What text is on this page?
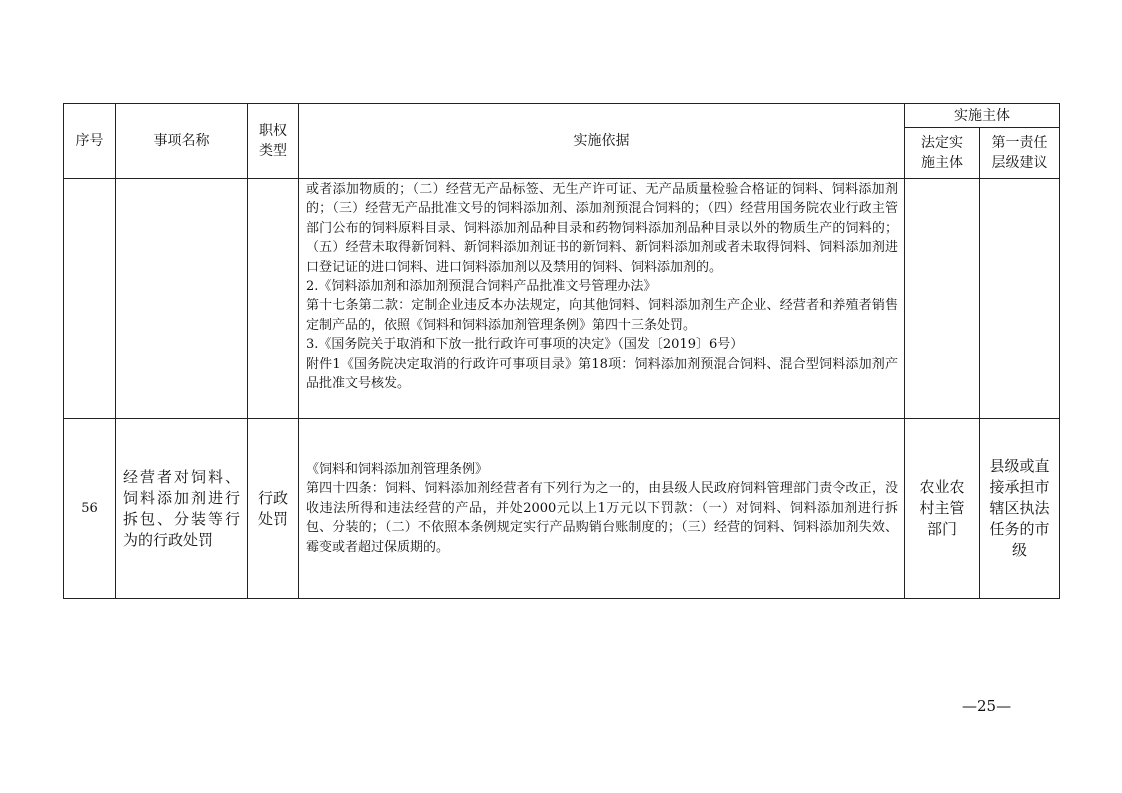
序号	事项名称	职权类型	实施依据	实施主体	
				法定实施主体	第一责任层级建议

			或者添加物质的；（二）经营无产品标签、无生产许可证、无产品质量检验合格证的饲料、饲料添加剂的；（三）经营无产品批准文号的饲料添加剂、添加剂预混合饲料的；（四）经营用国务院农业行政主管部门公布的饲料原料目录、饲料添加剂品种目录和药物饲料添加剂品种目录以外的物质生产的饲料的；（五）经营未取得新饲料、新饲料添加剂证书的新饲料、新饲料添加剂或者未取得饲料、饲料添加剂进口登记证的进口饲料、进口饲料添加剂以及禁用的饲料、饲料添加剂的。
2.《饲料添加剂和添加剂预混合饲料产品批准文号管理办法》
第十七条第二款：定制企业违反本办法规定，向其他饲料、饲料添加剂生产企业、经营者和养殖者销售定制产品的，依照《饲料和饲料添加剂管理条例》第四十三条处罚。
3.《国务院关于取消和下放一批行政许可事项的决定》（国发〔2019〕6号）
附件1《国务院决定取消的行政许可事项目录》第18项：饲料添加剂预混合饲料、混合型饲料添加剂产品批准文号核发。		

56	经营者对饲料、饲料添加剂进行拆包、分装等行为的行政处罚	行政处罚	《饲料和饲料添加剂管理条例》
第四十四条：饲料、饲料添加剂经营者有下列行为之一的，由县级人民政府饲料管理部门责令改正，没收违法所得和违法经营的产品，并处2000元以上1万元以下罚款：（一）对饲料、饲料添加剂进行拆包、分装的；（二）不依照本条例规定实行产品购销台账制度的；（三）经营的饲料、饲料添加剂失效、霉变或者超过保质期的。	农业农村主管部门	县级或直接承担市辖区执法任务的市级
—25—
